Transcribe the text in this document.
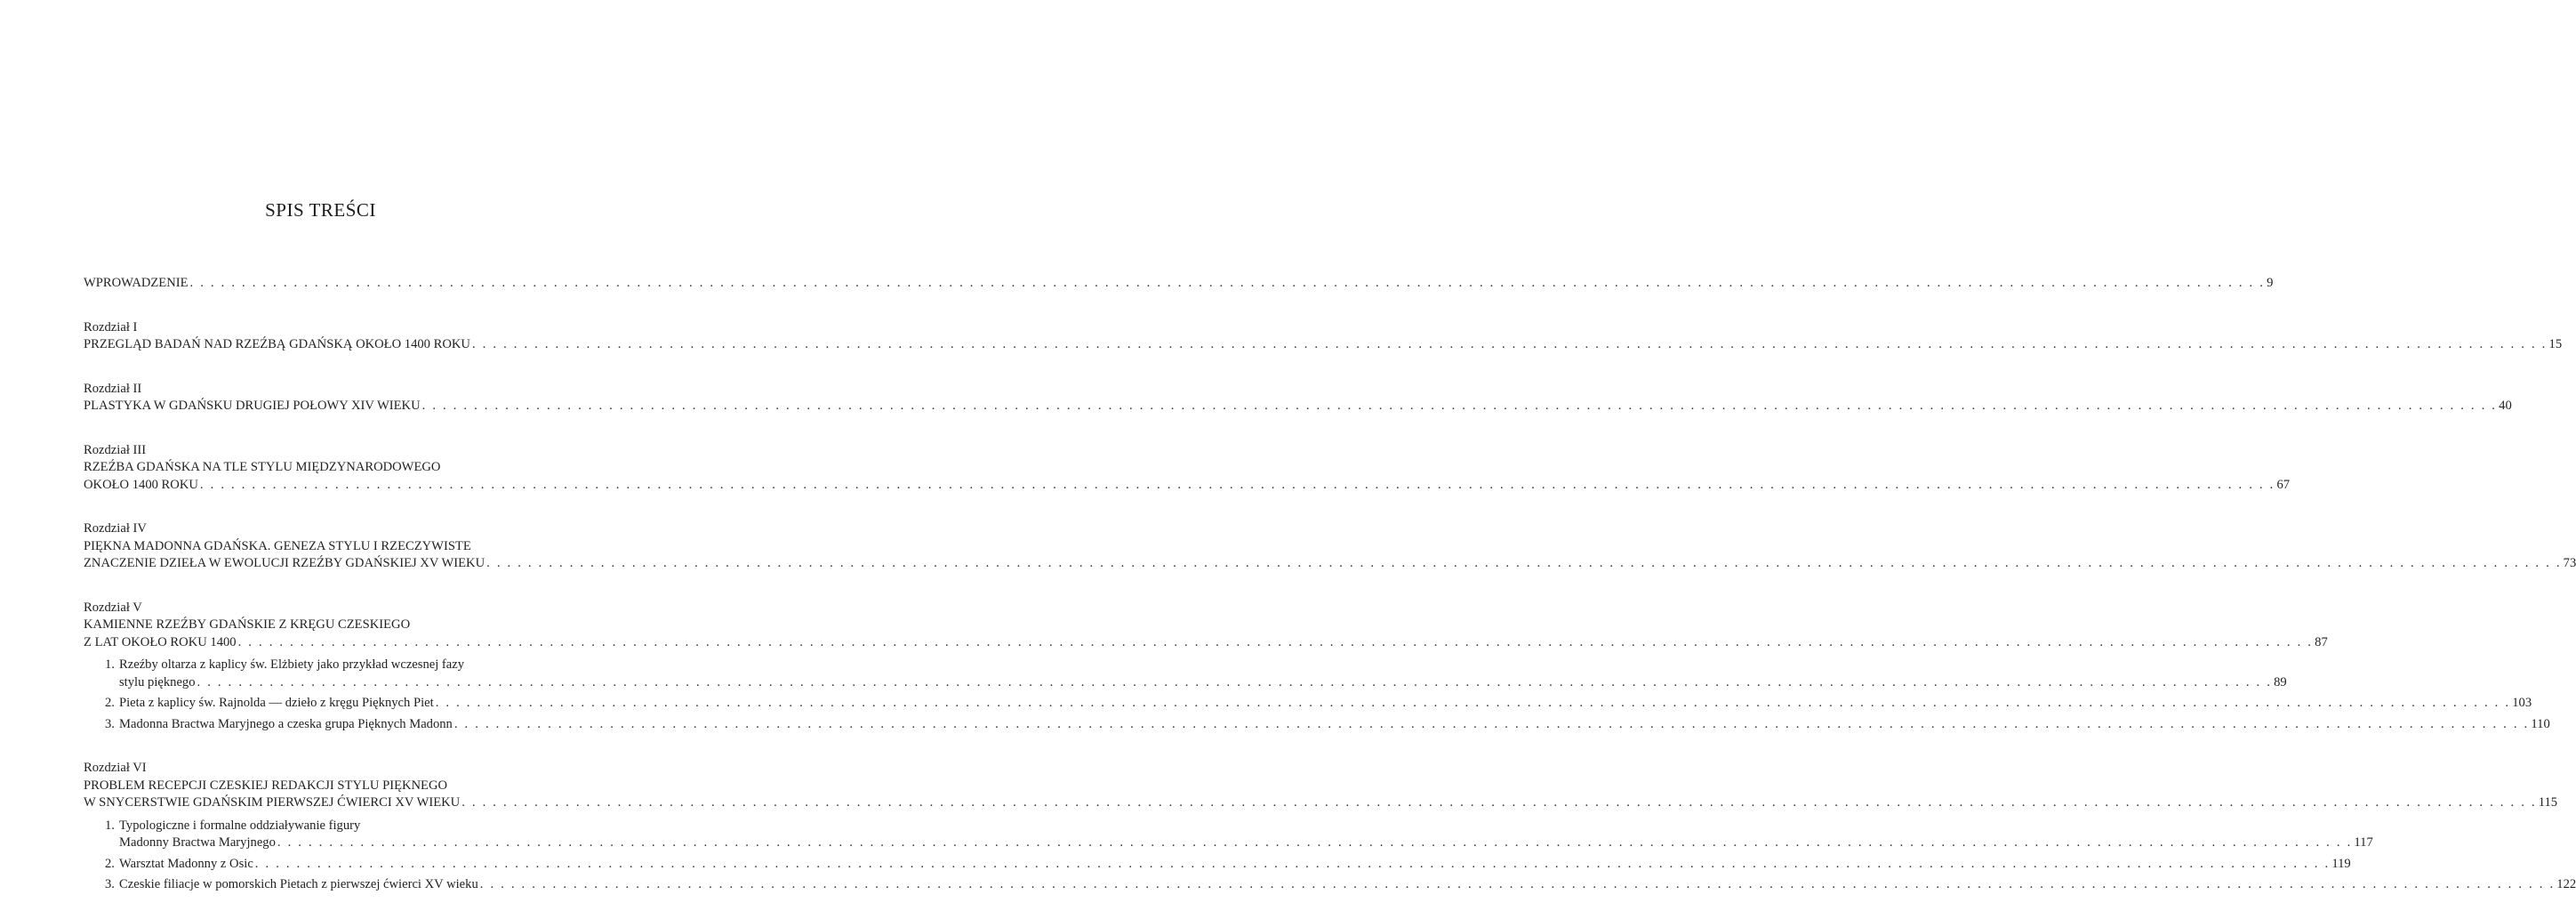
SPIS TREŚCI
WPROWADZENIE . . . . . . . . . . . . . . . . . . . . . . . . . . . . . . . . . . . . . . . . . . . . . . . . . . . . . . . . . . . . . . . . . . . . . . . . . . . . . . . . . . . . . . . . . . . . . . . . . . . . . . . . . . . . . . . . . . . . . . . . . . . . . . . . . . . . . . . . . . . . . . . . . . . . . . . . . . . . . . . . . . . . . . . . . . . . . . . . . . . . . . . . . . . . . . . . . . . . . . . . 9
Rozdział I
PRZEGLĄD BADAŃ NAD RZEŹBĄ GDAŃSKĄ OKOŁO 1400 ROKU . . . . . . . . . . . . . . . . . . . . . . . . . . . . . . . . . . . . . . . . . . . . . . . . . . . . . . . . . . . . . . . . . . . . . . . . . . . . . . . . . . . . . . . . . . . . . . . . . . . . . . . . . . . . . . . . . . . . . . . . . . . . . . . . . . . . . . . . . . . . . . . . . . . . . . . . . . . . . . . . . . . . . . . . . . . . . . . . . . . . . . . . . . . . . . . . . . . . . . . . 15
Rozdział II
PLASTYKA W GDAŃSKU DRUGIEJ POŁOWY XIV WIEKU . . . . . . . . . . . . . . . . . . . . . . . . . . . . . . . . . . . . . . . . . . . . . . . . . . . . . . . . . . . . . . . . . . . . . . . . . . . . . . . . . . . . . . . . . . . . . . . . . . . . . . . . . . . . . . . . . . . . . . . . . . . . . . . . . . . . . . . . . . . . . . . . . . . . . . . . . . . . . . . . . . . . . . . . . . . . . . . . . . . . . . . . . . . . . . . . . . . . . . . . 40
Rozdział III
RZEŹBA GDAŃSKA NA TLE STYLU MIĘDZYNARODOWEGO
OKOŁO 1400 ROKU . . . . . . . . . . . . . . . . . . . . . . . . . . . . . . . . . . . . . . . . . . . . . . . . . . . . . . . . . . . . . . . . . . . . . . . . . . . . . . . . . . . . . . . . . . . . . . . . . . . . . . . . . . . . . . . . . . . . . . . . . . . . . . . . . . . . . . . . . . . . . . . . . . . . . . . . . . . . . . . . . . . . . . . . . . . . . . . . . . . . . . . . . . . . . . . . . . . . . . . . 67
Rozdział IV
PIĘKNA MADONNA GDAŃSKA. GENEZA STYLU I RZECZYWISTE
ZNACZENIE DZIEŁA W EWOLUCJI RZEŹBY GDAŃSKIEJ XV WIEKU . . . . . . . . . . . . . . . . . . . . . . . . . . . . . . . . . . . . . . . . . . . . . . . . . . . . . . . . . . . . . . . . . . . . . . . . . . . . . . . . . . . . . . . . . . . . . . . . . . . . . . . . . . . . . . . . . . . . . . . . . . . . . . . . . . . . . . . . . . . . . . . . . . . . . . . . . . . . . . . . . . . . . . . . . . . . . . . . . . . . . . . . . . . . . . . . . . . . . . . . 73
Rozdział V
KAMIENNE RZEŹBY GDAŃSKIE Z KRĘGU CZESKIEGO
Z LAT OKOŁO ROKU 1400 . . . . . . . . . . . . . . . . . . . . . . . . . . . . . . . . . . . . . . . . . . . . . . . . . . . . . . . . . . . . . . . . . . . . . . . . . . . . . . . . . . . . . . . . . . . . . . . . . . . . . . . . . . . . . . . . . . . . . . . . . . . . . . . . . . . . . . . . . . . . . . . . . . . . . . . . . . . . . . . . . . . . . . . . . . . . . . . . . . . . . . . . . . . . . . . . . . . . . . . . 87
1. Rzeźby oltarza z kaplicy św. Elżbiety jako przykład wczesnej fazy
stylu pięknego . . . . . . . . . . . . . . . . . . . . . . . . . . . . . . . . . . . . . . . . . . . . . . . . . . . . . . . . . . . . . . . . . . . . . . . . . . . . . . . . . . . . . . . . . . . . . . . . . . . . . . . . . . . . . . . . . . . . . . . . . . . . . . . . . . . . . . . . . . . . . . . . . . . . . . . . . . . . . . . . . . . . . . . . . . . . . . . . . . . . . . . . . . . . . . . . . . . . . . . . 89
2. Pieta z kaplicy św. Rajnolda — dzieło z kręgu Pięknych Piet . . . . . . . . . . . . . . . . . . . . . . . . . . . . . . . . . . . . . . . . . . . . . . . . . . . . . . . . . . . . . . . . . . . . . . . . . . . . . . . . . . . . . . . . . . . . . . . . . . . . . . . . . . . . . . . . . . . . . . . . . . . . . . . . . . . . . . . . . . . . . . . . . . . . . . . . . . . . . . . . . . . . . . . . . . . . . . . . . . . . . . . . . . . . . . . . . . . . . . . . 103
3. Madonna Bractwa Maryjnego a czeska grupa Pięknych Madonn . . . . . . . . . . . . . . . . . . . . . . . . . . . . . . . . . . . . . . . . . . . . . . . . . . . . . . . . . . . . . . . . . . . . . . . . . . . . . . . . . . . . . . . . . . . . . . . . . . . . . . . . . . . . . . . . . . . . . . . . . . . . . . . . . . . . . . . . . . . . . . . . . . . . . . . . . . . . . . . . . . . . . . . . . . . . . . . . . . . . . . . . . . . . . . . . . . . . . . . . 110
Rozdział VI
PROBLEM RECEPCJI CZESKIEJ REDAKCJI STYLU PIĘKNEGO
W SNYCERSTWIE GDAŃSKIM PIERWSZEJ ĆWIERCI XV WIEKU . . . . . . . . . . . . . . . . . . . . . . . . . . . . . . . . . . . . . . . . . . . . . . . . . . . . . . . . . . . . . . . . . . . . . . . . . . . . . . . . . . . . . . . . . . . . . . . . . . . . . . . . . . . . . . . . . . . . . . . . . . . . . . . . . . . . . . . . . . . . . . . . . . . . . . . . . . . . . . . . . . . . . . . . . . . . . . . . . . . . . . . . . . . . . . . . . . . . . . . . 115
1. Typologiczne i formalne oddziaływanie figury
Madonny Bractwa Maryjnego . . . . . . . . . . . . . . . . . . . . . . . . . . . . . . . . . . . . . . . . . . . . . . . . . . . . . . . . . . . . . . . . . . . . . . . . . . . . . . . . . . . . . . . . . . . . . . . . . . . . . . . . . . . . . . . . . . . . . . . . . . . . . . . . . . . . . . . . . . . . . . . . . . . . . . . . . . . . . . . . . . . . . . . . . . . . . . . . . . . . . . . . . . . . . . . . . . . . . . . . 117
2. Warsztat Madonny z Osic . . . . . . . . . . . . . . . . . . . . . . . . . . . . . . . . . . . . . . . . . . . . . . . . . . . . . . . . . . . . . . . . . . . . . . . . . . . . . . . . . . . . . . . . . . . . . . . . . . . . . . . . . . . . . . . . . . . . . . . . . . . . . . . . . . . . . . . . . . . . . . . . . . . . . . . . . . . . . . . . . . . . . . . . . . . . . . . . . . . . . . . . . . . . . . . . . . . . . . . . 119
3. Czeskie filiacje w pomorskich Pietach z pierwszej ćwierci XV wieku . . . . . . . . . . . . . . . . . . . . . . . . . . . . . . . . . . . . . . . . . . . . . . . . . . . . . . . . . . . . . . . . . . . . . . . . . . . . . . . . . . . . . . . . . . . . . . . . . . . . . . . . . . . . . . . . . . . . . . . . . . . . . . . . . . . . . . . . . . . . . . . . . . . . . . . . . . . . . . . . . . . . . . . . . . . . . . . . . . . . . . . . . . . . . . . . . . . . . . . . 122
